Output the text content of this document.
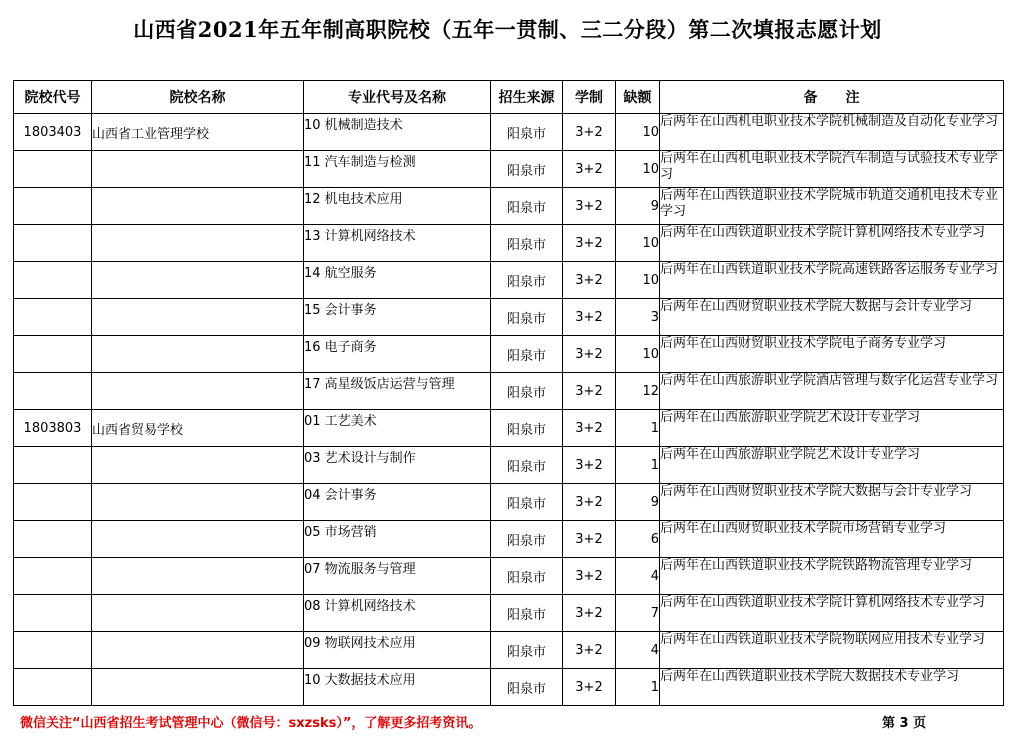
山西省2021年五年制高职院校（五年一贯制、三二分段）第二次填报志愿计划
院校代号	院校名称	专业代号及名称	招生来源	学制	缺额	备　　注
1803403	山西省工业管理学校	10 机械制造技术	阳泉市	3+2	10	后两年在山西机电职业技术学院机械制造及自动化专业学习
		11 汽车制造与检测	阳泉市	3+2	10	后两年在山西机电职业技术学院汽车制造与试验技术专业学习
		12 机电技术应用	阳泉市	3+2	9	后两年在山西铁道职业技术学院城市轨道交通机电技术专业学习
		13 计算机网络技术	阳泉市	3+2	10	后两年在山西铁道职业技术学院计算机网络技术专业学习
		14 航空服务	阳泉市	3+2	10	后两年在山西铁道职业技术学院高速铁路客运服务专业学习
		15 会计事务	阳泉市	3+2	3	后两年在山西财贸职业技术学院大数据与会计专业学习
		16 电子商务	阳泉市	3+2	10	后两年在山西财贸职业技术学院电子商务专业学习
		17 高星级饭店运营与管理	阳泉市	3+2	12	后两年在山西旅游职业学院酒店管理与数字化运营专业学习
1803803	山西省贸易学校	01 工艺美术	阳泉市	3+2	1	后两年在山西旅游职业学院艺术设计专业学习
		03 艺术设计与制作	阳泉市	3+2	1	后两年在山西旅游职业学院艺术设计专业学习
		04 会计事务	阳泉市	3+2	9	后两年在山西财贸职业技术学院大数据与会计专业学习
		05 市场营销	阳泉市	3+2	6	后两年在山西财贸职业技术学院市场营销专业学习
		07 物流服务与管理	阳泉市	3+2	4	后两年在山西铁道职业技术学院铁路物流管理专业学习
		08 计算机网络技术	阳泉市	3+2	7	后两年在山西铁道职业技术学院计算机网络技术专业学习
		09 物联网技术应用	阳泉市	3+2	4	后两年在山西铁道职业技术学院物联网应用技术专业学习
		10 大数据技术应用	阳泉市	3+2	1	后两年在山西铁道职业技术学院大数据技术专业学习
微信关注“山西省招生考试管理中心（微信号：sxzsks）”，了解更多招考资讯。	第 3 页
